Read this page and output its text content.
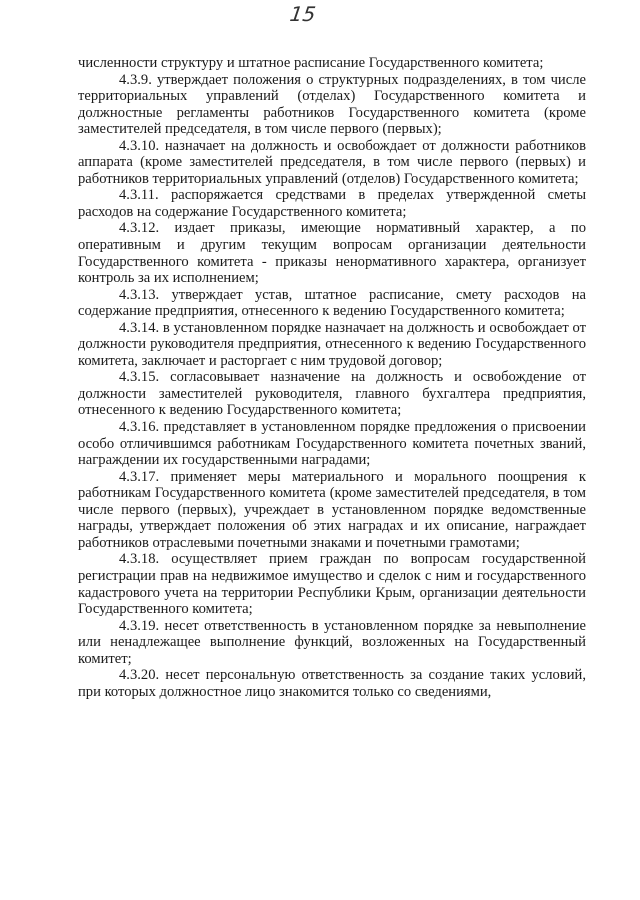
15

численности структуру и штатное расписание Государственного комитета;

4.3.9. утверждает положения о структурных подразделениях, в том числе территориальных управлений (отделах) Государственного комитета и должностные регламенты работников Государственного комитета (кроме заместителей председателя, в том числе первого (первых);

4.3.10. назначает на должность и освобождает от должности работников аппарата (кроме заместителей председателя, в том числе первого (первых) и работников территориальных управлений (отделов) Государственного комитета;

4.3.11. распоряжается средствами в пределах утвержденной сметы расходов на содержание Государственного комитета;

4.3.12. издает приказы, имеющие нормативный характер, а по оперативным и другим текущим вопросам организации деятельности Государственного комитета - приказы ненормативного характера, организует контроль за их исполнением;

4.3.13. утверждает устав, штатное расписание, смету расходов на содержание предприятия, отнесенного к ведению Государственного комитета;

4.3.14. в установленном порядке назначает на должность и освобождает от должности руководителя предприятия, отнесенного к ведению Государственного комитета, заключает и расторгает с ним трудовой договор;

4.3.15. согласовывает назначение на должность и освобождение от должности заместителей руководителя, главного бухгалтера предприятия, отнесенного к ведению Государственного комитета;

4.3.16. представляет в установленном порядке предложения о присвоении особо отличившимся работникам Государственного комитета почетных званий, награждении их государственными наградами;

4.3.17. применяет меры материального и морального поощрения к работникам Государственного комитета (кроме заместителей председателя, в том числе первого (первых), учреждает в установленном порядке ведомственные награды, утверждает положения об этих наградах и их описание, награждает работников отраслевыми почетными знаками и почетными грамотами;

4.3.18. осуществляет прием граждан по вопросам государственной регистрации прав на недвижимое имущество и сделок с ним и государственного кадастрового учета на территории Республики Крым, организации деятельности Государственного комитета;

4.3.19. несет ответственность в установленном порядке за невыполнение или ненадлежащее выполнение функций, возложенных на Государственный комитет;

4.3.20. несет персональную ответственность за создание таких условий, при которых должностное лицо знакомится только со сведениями,
